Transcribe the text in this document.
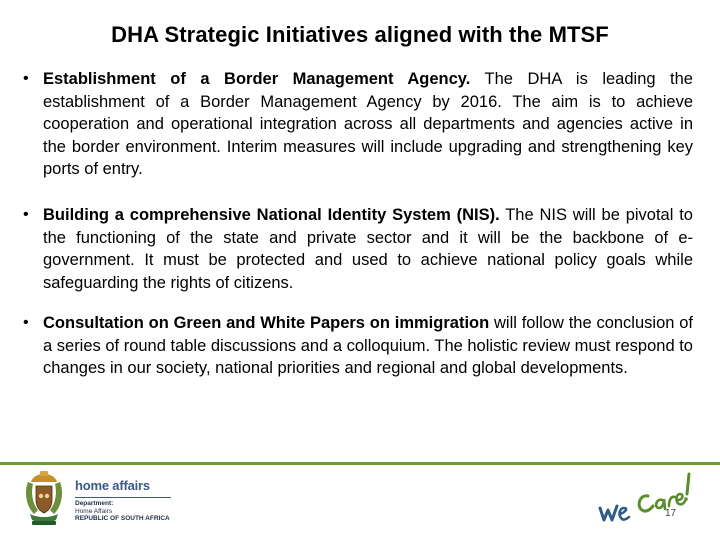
DHA Strategic Initiatives aligned with the MTSF
• Establishment of a Border Management Agency. The DHA is leading the establishment of a Border Management Agency by 2016. The aim is to achieve cooperation and operational integration across all departments and agencies active in the border environment. Interim measures will include upgrading and strengthening key ports of entry.
• Building a comprehensive National Identity System (NIS). The NIS will be pivotal to the functioning of the state and private sector and it will be the backbone of e-government. It must be protected and used to achieve national policy goals while safeguarding the rights of citizens.
• Consultation on Green and White Papers on immigration will follow the conclusion of a series of round table discussions and a colloquium. The holistic review must respond to changes in our society, national priorities and regional and global developments.
home affairs
Department:
Home Affairs
REPUBLIC OF SOUTH AFRICA	17
